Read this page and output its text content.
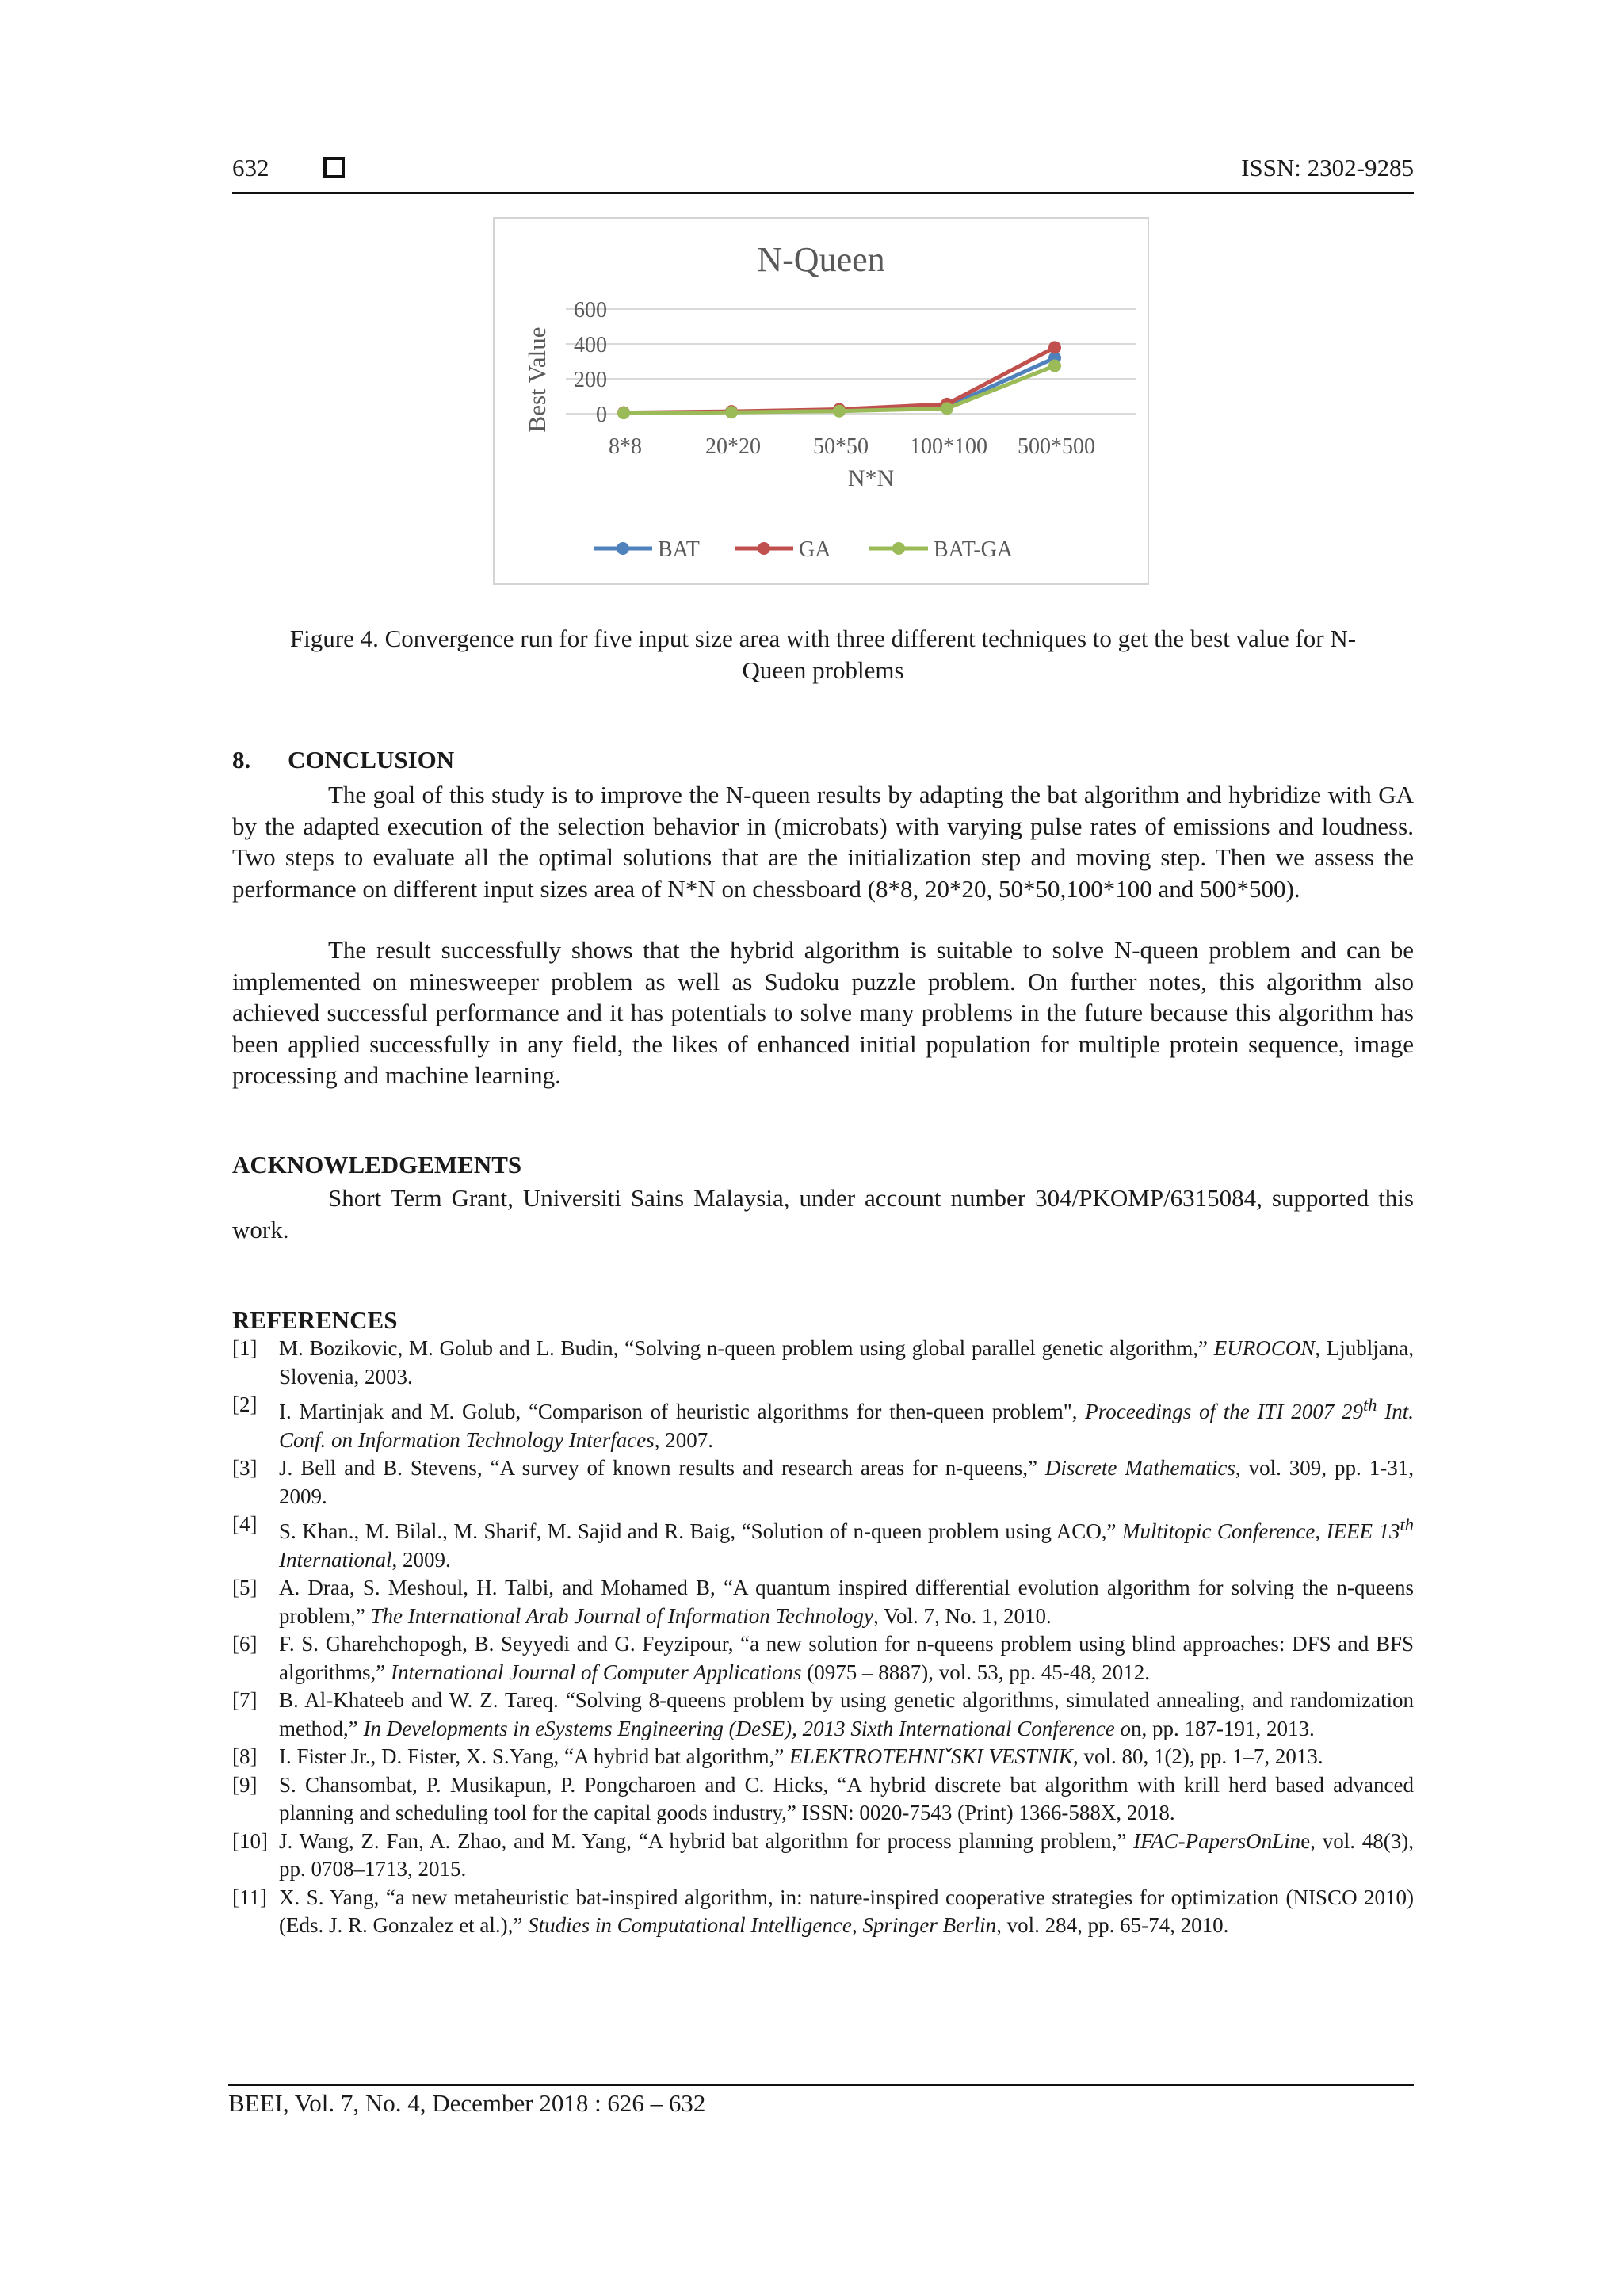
632	ISSN: 2302-9285
N-Queen
Best Value
N*N
600
400
200
0
8*8	20*20 50*50 100*100 500*500
BAT	GA	BAT-GA
Figure 4. Convergence run for five input size area with three different techniques to get the best value for N-
Queen problems
8. CONCLUSION
The goal of this study is to improve the N-queen results by adapting the bat algorithm and hybridize with GA by the adapted execution of the selection behavior in (microbats) with varying pulse rates of emissions and loudness. Two steps to evaluate all the optimal solutions that are the initialization step and moving step. Then we assess the performance on different input sizes area of N*N on chessboard (8*8, 20*20, 50*50,100*100 and 500*500).
The result successfully shows that the hybrid algorithm is suitable to solve N-queen problem and can be implemented on minesweeper problem as well as Sudoku puzzle problem. On further notes, this algorithm also achieved successful performance and it has potentials to solve many problems in the future because this algorithm has been applied successfully in any field, the likes of enhanced initial population for multiple protein sequence, image processing and machine learning.
ACKNOWLEDGEMENTS
Short Term Grant, Universiti Sains Malaysia, under account number 304/PKOMP/6315084, supported this work.
REFERENCES
[1]	M. Bozikovic, M. Golub and L. Budin, “Solving n-queen problem using global parallel genetic algorithm,” EUROCON, Ljubljana, Slovenia, 2003.
[2]	I. Martinjak and M. Golub, “Comparison of heuristic algorithms for then-queen problem", Proceedings of the ITI 2007 29th Int. Conf. on Information Technology Interfaces, 2007.
[3]	J. Bell and B. Stevens, “A survey of known results and research areas for n-queens,” Discrete Mathematics, vol. 309, pp. 1-31, 2009.
[4]	S. Khan., M. Bilal., M. Sharif, M. Sajid and R. Baig, “Solution of n-queen problem using ACO,” Multitopic Conference, IEEE 13th International, 2009.
[5]	A. Draa, S. Meshoul, H. Talbi, and Mohamed B, “A quantum inspired differential evolution algorithm for solving the n-queens problem,” The International Arab Journal of Information Technology, Vol. 7, No. 1, 2010.
[6]	F. S. Gharehchopogh, B. Seyyedi and G. Feyzipour, “a new solution for n-queens problem using blind approaches: DFS and BFS algorithms,” International Journal of Computer Applications (0975 – 8887), vol. 53, pp. 45-48, 2012.
[7]	B. Al-Khateeb and W. Z. Tareq. “Solving 8-queens problem by using genetic algorithms, simulated annealing, and randomization method,” In Developments in eSystems Engineering (DeSE), 2013 Sixth International Conference on, pp. 187-191, 2013.
[8]	I. Fister Jr., D. Fister, X. S.Yang, “A hybrid bat algorithm,” ELEKTROTEHNIˇSKI VESTNIK, vol. 80, 1(2), pp. 1–7, 2013.
[9]	S. Chansombat, P. Musikapun, P. Pongcharoen and C. Hicks, “A hybrid discrete bat algorithm with krill herd based advanced planning and scheduling tool for the capital goods industry,” ISSN: 0020-7543 (Print) 1366-588X, 2018.
[10] J. Wang, Z. Fan, A. Zhao, and M. Yang, “A hybrid bat algorithm for process planning problem,” IFAC-PapersOnLine, vol. 48(3), pp. 0708–1713, 2015.
[11] X. S. Yang, “a new metaheuristic bat-inspired algorithm, in: nature-inspired cooperative strategies for optimization (NISCO 2010) (Eds. J. R. Gonzalez et al.),” Studies in Computational Intelligence, Springer Berlin, vol. 284, pp. 65-74, 2010.
BEEI, Vol. 7, No. 4, December 2018 : 626 – 632
